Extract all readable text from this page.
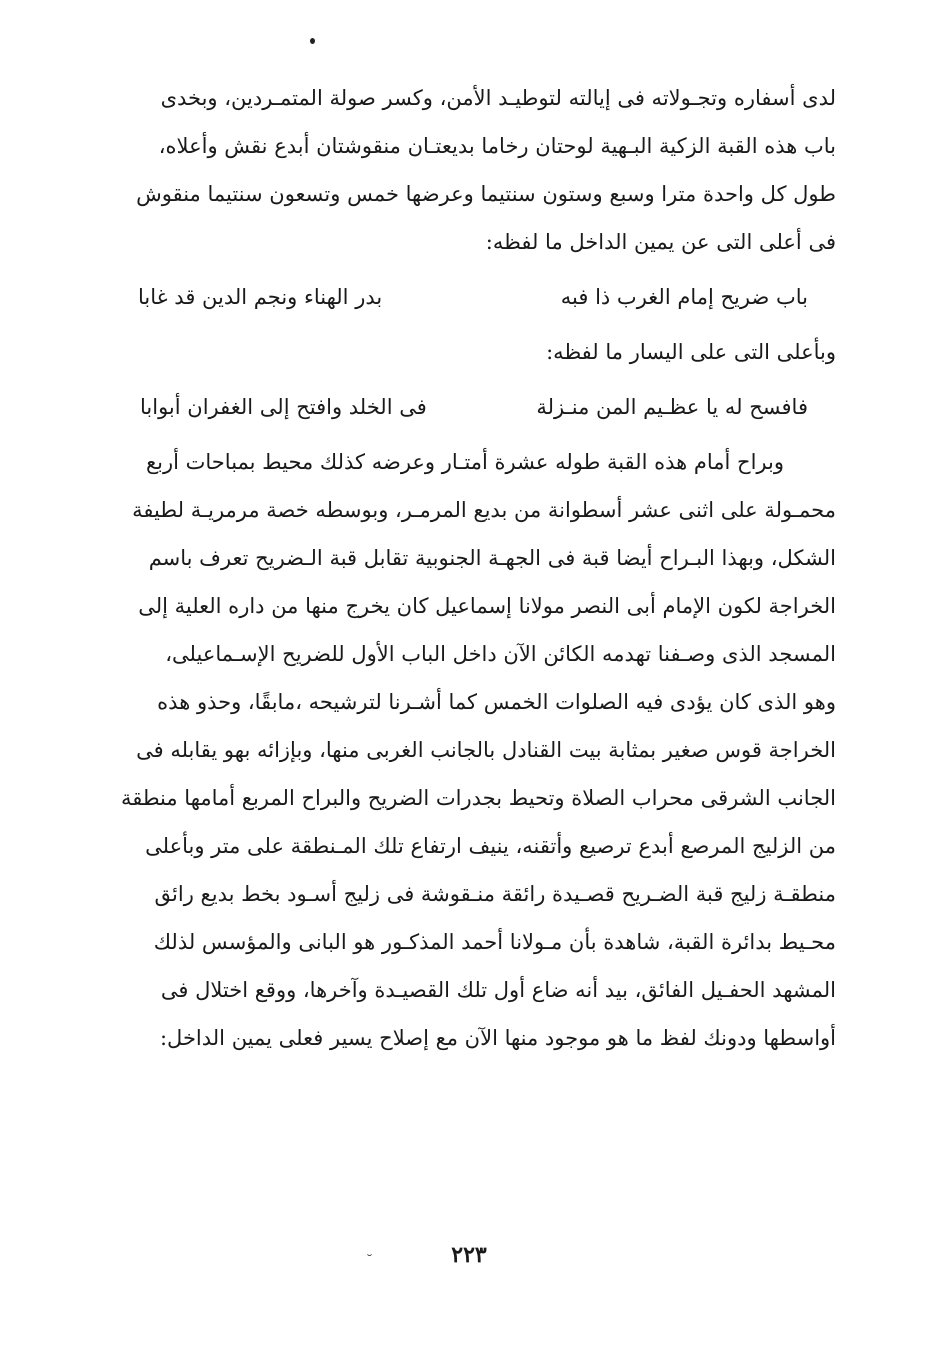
لدى أسفاره وتجـولاته فى إيالته لتوطيـد الأمن، وكسر صولة المتمـردين، وبخدى
باب هذه القبة الزكية البـهية لوحتان رخاما بديعتـان منقوشتان أبدع نقش وأعلاه،
طول كل واحدة مترا وسبع وستون سنتيما وعرضها خمس وتسعون سنتيما منقوش
فى أعلى التى عن يمين الداخل ما لفظه:
باب ضريح إمام الغرب ذا فبه
بدر الهناء ونجم الدين قد غابا
وبأعلى التى على اليسار ما لفظه:
فافسح له يا عظـيم المن منـزلة
فى الخلد وافتح إلى الغفران أبوابا
وبراح أمام هذه القبة طوله عشرة أمتـار وعرضه كذلك محيط بمباحات أربع
محمـولة على اثنى عشر أسطوانة من بديع المرمـر، وبوسطه خصة مرمريـة لطيفة
الشكل، وبهذا البـراح أيضا قبة فى الجهـة الجنوبية تقابل قبة الـضريح تعرف باسم
الخراجة لكون الإمام أبى النصر مولانا إسماعيل كان يخرج منها من داره العلية إلى
المسجد الذى وصـفنا تهدمه الكائن الآن داخل الباب الأول للضريح الإسـماعيلى،
وهو الذى كان يؤدى فيه الصلوات الخمس كما أشـرنا لترشيحه ،مابقًا، وحذو هذه
الخراجة قوس صغير بمثابة بيت القنادل بالجانب الغربى منها، وبإزائه بهو يقابله فى
الجانب الشرقى محراب الصلاة وتحيط بجدرات الضريح والبراح المربع أمامها منطقة
من الزليج المرصع أبدع ترصيع وأتقنه، ينيف ارتفاع تلك المـنطقة على متر وبأعلى
منطقـة زليج قبة الضـريح قصـيدة رائقة منـقوشة فى زليج أسـود بخط بديع رائق
محـيط بدائرة القبة، شاهدة بأن مـولانا أحمد المذكـور هو البانى والمؤسس لذلك
المشهد الحفـيل الفائق، بيد أنه ضاع أول تلك القصيـدة وآخرها، ووقع اختلال فى
أواسطها ودونك لفظ ما هو موجود منها الآن مع إصلاح يسير فعلى يمين الداخل:
˘	٢٢٣
